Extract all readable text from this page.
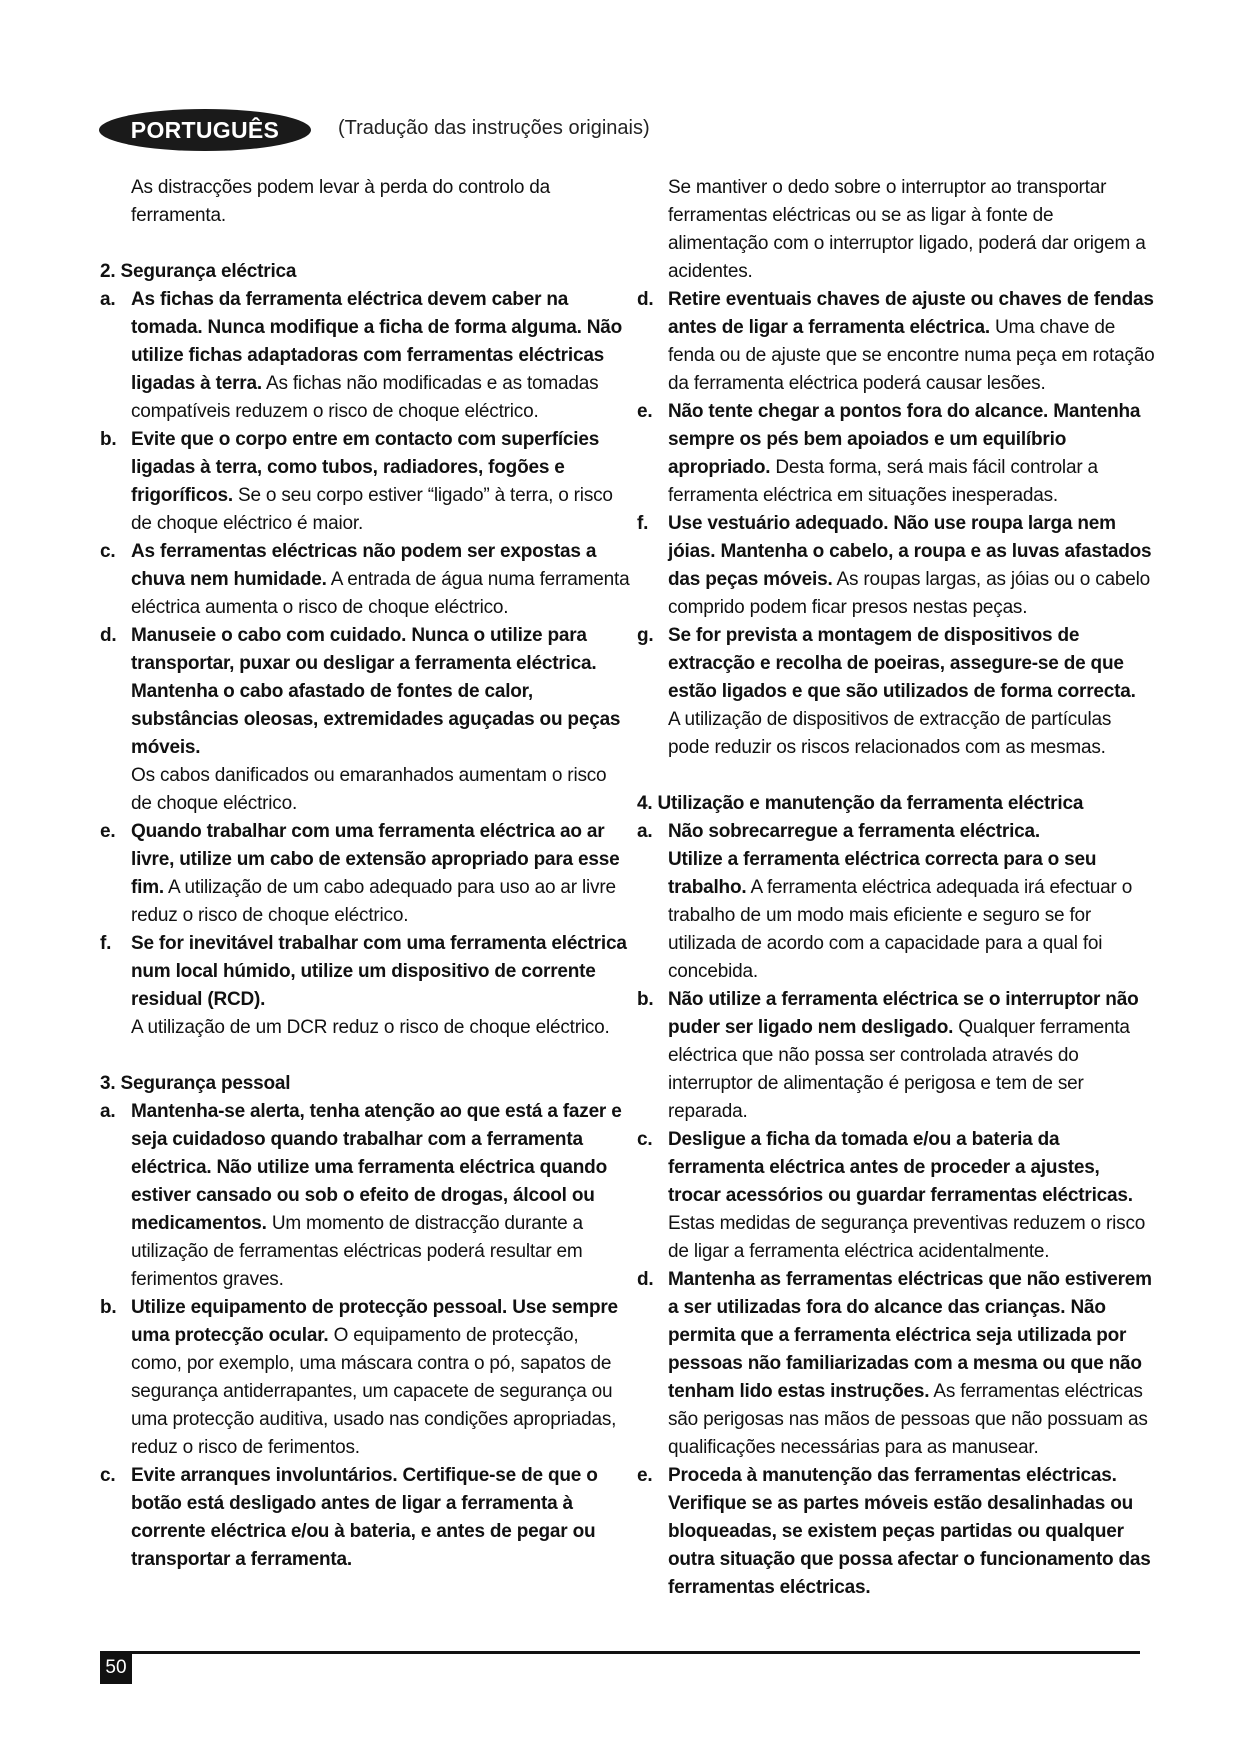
PORTUGUÊS	(Tradução das instruções originais)

As distracções podem levar à perda do controlo da ferramenta.

2. Segurança eléctrica

a. As fichas da ferramenta eléctrica devem caber na tomada. Nunca modifique a ficha de forma alguma. Não utilize fichas adaptadoras com ferramentas eléctricas ligadas à terra. As fichas não modificadas e as tomadas compatíveis reduzem o risco de choque eléctrico.
b. Evite que o corpo entre em contacto com superfícies ligadas à terra, como tubos, radiadores, fogões e frigoríficos. Se o seu corpo estiver “ligado” à terra, o risco de choque eléctrico é maior.
c. As ferramentas eléctricas não podem ser expostas a chuva nem humidade. A entrada de água numa ferramenta eléctrica aumenta o risco de choque eléctrico.
d. Manuseie o cabo com cuidado. Nunca o utilize para transportar, puxar ou desligar a ferramenta eléctrica. Mantenha o cabo afastado de fontes de calor, substâncias oleosas, extremidades aguçadas ou peças móveis.
Os cabos danificados ou emaranhados aumentam o risco de choque eléctrico.
e. Quando trabalhar com uma ferramenta eléctrica ao ar livre, utilize um cabo de extensão apropriado para esse fim. A utilização de um cabo adequado para uso ao ar livre reduz o risco de choque eléctrico.
f. Se for inevitável trabalhar com uma ferramenta eléctrica num local húmido, utilize um dispositivo de corrente residual (RCD).
A utilização de um DCR reduz o risco de choque eléctrico.

3. Segurança pessoal

a. Mantenha-se alerta, tenha atenção ao que está a fazer e seja cuidadoso quando trabalhar com a ferramenta eléctrica. Não utilize uma ferramenta eléctrica quando estiver cansado ou sob o efeito de drogas, álcool ou medicamentos. Um momento de distracção durante a utilização de ferramentas eléctricas poderá resultar em ferimentos graves.
b. Utilize equipamento de protecção pessoal. Use sempre uma protecção ocular. O equipamento de protecção, como, por exemplo, uma máscara contra o pó, sapatos de segurança antiderrapantes, um capacete de segurança ou uma protecção auditiva, usado nas condições apropriadas, reduz o risco de ferimentos.
c. Evite arranques involuntários. Certifique-se de que o botão está desligado antes de ligar a ferramenta à corrente eléctrica e/ou à bateria, e antes de pegar ou transportar a ferramenta.

Se mantiver o dedo sobre o interruptor ao transportar ferramentas eléctricas ou se as ligar à fonte de alimentação com o interruptor ligado, poderá dar origem a acidentes.

d. Retire eventuais chaves de ajuste ou chaves de fendas antes de ligar a ferramenta eléctrica. Uma chave de fenda ou de ajuste que se encontre numa peça em rotação da ferramenta eléctrica poderá causar lesões.
e. Não tente chegar a pontos fora do alcance. Mantenha sempre os pés bem apoiados e um equilíbrio apropriado. Desta forma, será mais fácil controlar a ferramenta eléctrica em situações inesperadas.
f. Use vestuário adequado. Não use roupa larga nem jóias. Mantenha o cabelo, a roupa e as luvas afastados das peças móveis. As roupas largas, as jóias ou o cabelo comprido podem ficar presos nestas peças.
g. Se for prevista a montagem de dispositivos de extracção e recolha de poeiras, assegure-se de que estão ligados e que são utilizados de forma correcta.
A utilização de dispositivos de extracção de partículas pode reduzir os riscos relacionados com as mesmas.

4. Utilização e manutenção da ferramenta eléctrica

a. Não sobrecarregue a ferramenta eléctrica.
Utilize a ferramenta eléctrica correcta para o seu trabalho. A ferramenta eléctrica adequada irá efectuar o trabalho de um modo mais eficiente e seguro se for utilizada de acordo com a capacidade para a qual foi concebida.
b. Não utilize a ferramenta eléctrica se o interruptor não puder ser ligado nem desligado. Qualquer ferramenta eléctrica que não possa ser controlada através do interruptor de alimentação é perigosa e tem de ser reparada.
c. Desligue a ficha da tomada e/ou a bateria da ferramenta eléctrica antes de proceder a ajustes, trocar acessórios ou guardar ferramentas eléctricas.
Estas medidas de segurança preventivas reduzem o risco de ligar a ferramenta eléctrica acidentalmente.
d. Mantenha as ferramentas eléctricas que não estiverem a ser utilizadas fora do alcance das crianças. Não permita que a ferramenta eléctrica seja utilizada por pessoas não familiarizadas com a mesma ou que não tenham lido estas instruções. As ferramentas eléctricas são perigosas nas mãos de pessoas que não possuam as qualificações necessárias para as manusear.
e. Proceda à manutenção das ferramentas eléctricas. Verifique se as partes móveis estão desalinhadas ou bloqueadas, se existem peças partidas ou qualquer outra situação que possa afectar o funcionamento das ferramentas eléctricas.
50
